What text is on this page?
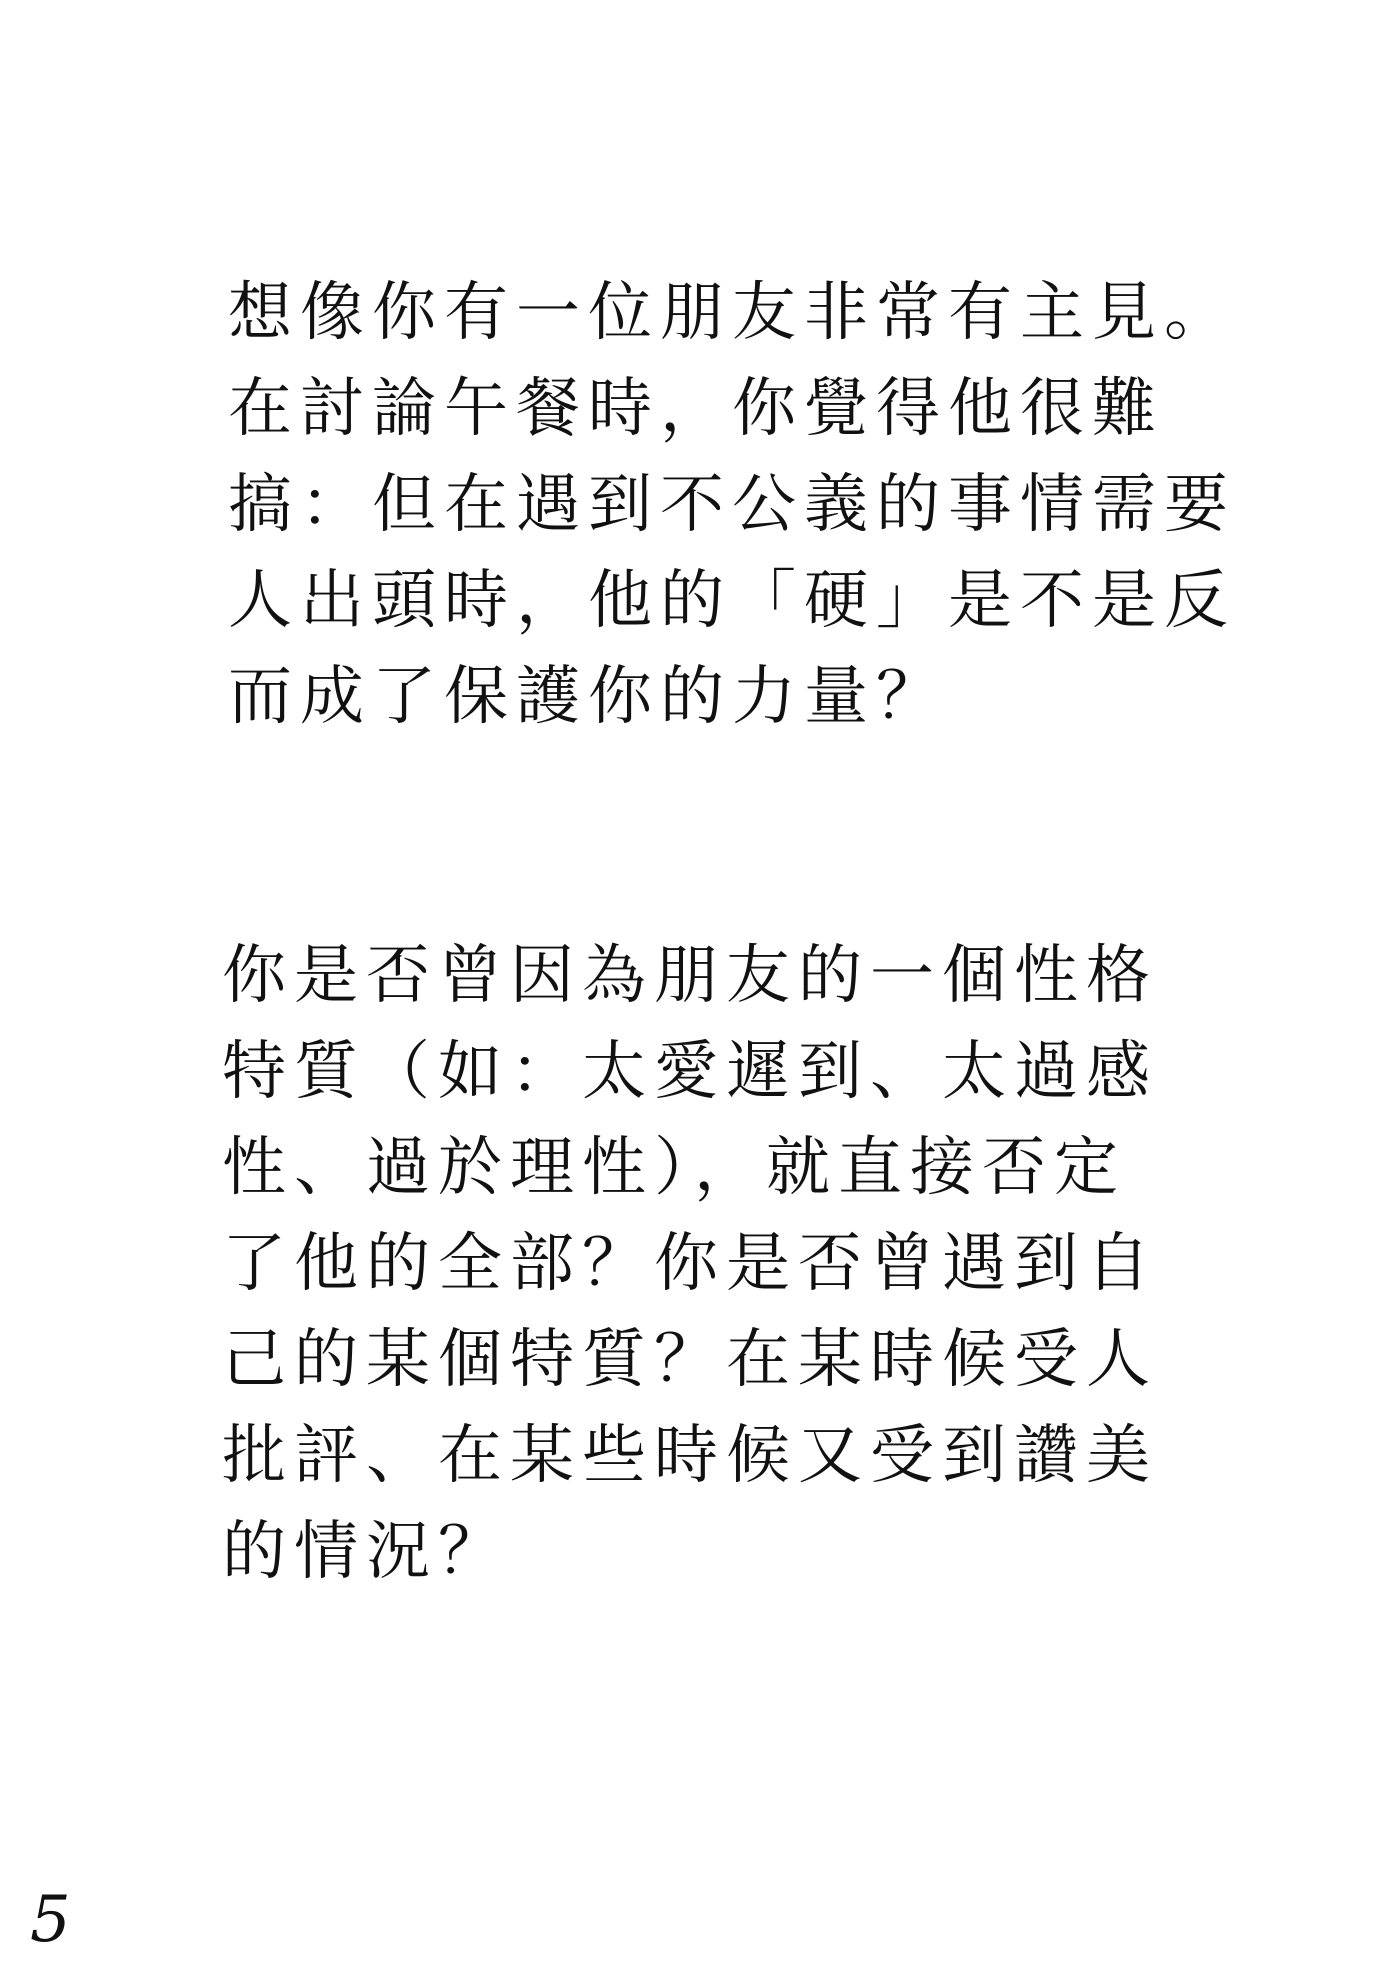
想像你有一位朋友非常有主見。
在討論午餐時，你覺得他很難
搞：但在遇到不公義的事情需要
人出頭時，他的「硬」是不是反
而成了保護你的力量？
你是否曾因為朋友的一個性格
特質（如：太愛遲到、太過感
性、過於理性），就直接否定
了他的全部？你是否曾遇到自
己的某個特質？在某時候受人
批評、在某些時候又受到讚美
的情況？
5
